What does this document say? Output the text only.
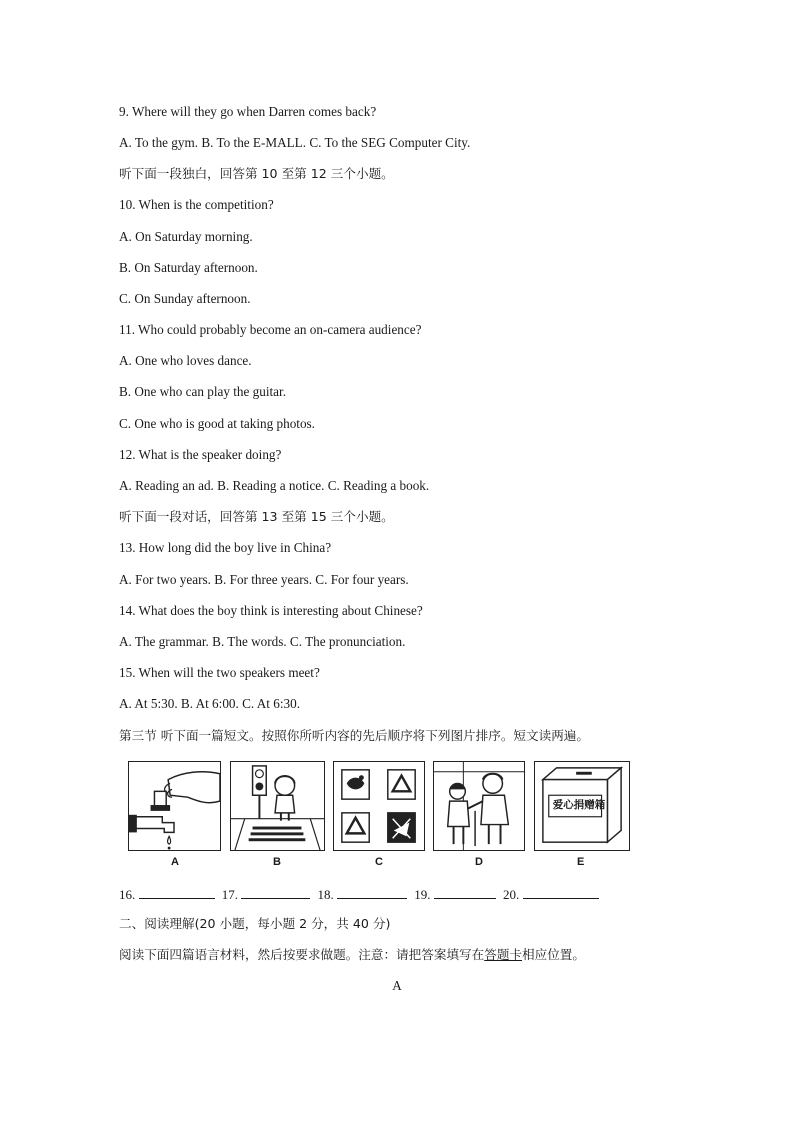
9. Where will they go when Darren comes back?
A. To the gym. B. To the E-MALL. C. To the SEG Computer City.
听下面一段独白，回答第 10 至第 12 三个小题。
10. When is the competition?
A. On Saturday morning.
B. On Saturday afternoon.
C. On Sunday afternoon.
11. Who could probably become an on-camera audience?
A. One who loves dance.
B. One who can play the guitar.
C. One who is good at taking photos.
12. What is the speaker doing?
A. Reading an ad. B. Reading a notice. C. Reading a book.
听下面一段对话，回答第 13 至第 15 三个小题。
13. How long did the boy live in China?
A. For two years. B. For three years. C. For four years.
14. What does the boy think is interesting about Chinese?
A. The grammar. B. The words. C. The pronunciation.
15. When will the two speakers meet?
A. At 5:30. B. At 6:00. C. At 6:30.
第三节 听下面一篇短文。按照你所听内容的先后顺序将下列图片排序。短文读两遍。
A	B	C	D
爱心捐赠箱
E
16.	17.	18.	19.	20.
二、阅读理解(20 小题，每小题 2 分，共 40 分)
阅读下面四篇语言材料，然后按要求做题。注意：请把答案填写在答题卡相应位置。
A
